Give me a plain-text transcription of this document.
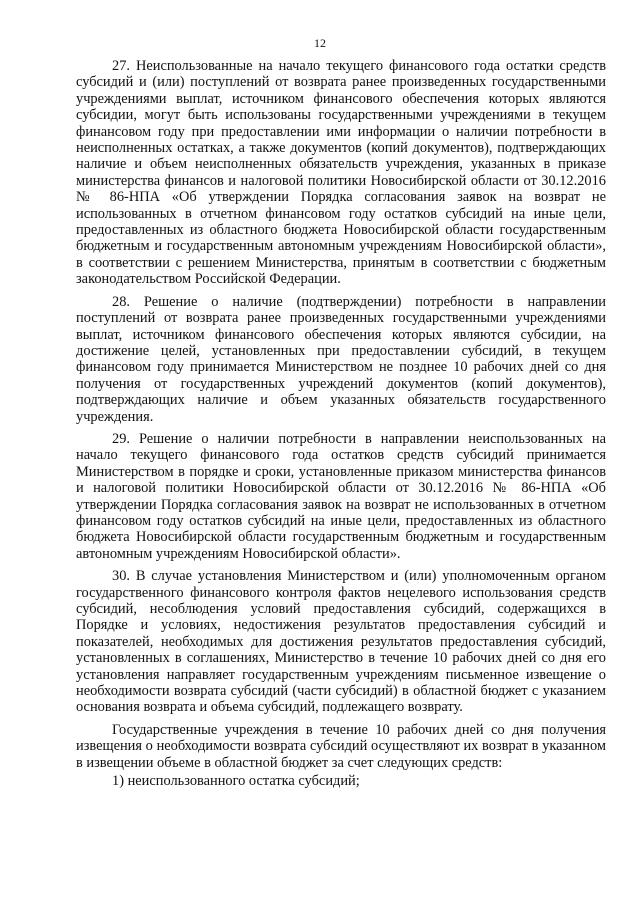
12

27. Неиспользованные на начало текущего финансового года остатки средств субсидий и (или) поступлений от возврата ранее произведенных государственными учреждениями выплат, источником финансового обеспечения которых являются субсидии, могут быть использованы государственными учреждениями в текущем финансовом году при предоставлении ими информации о наличии потребности в неисполненных остатках, а также документов (копий документов), подтверждающих наличие и объем неисполненных обязательств учреждения, указанных в приказе министерства финансов и налоговой политики Новосибирской области от 30.12.2016 № 86-НПА «Об утверждении Порядка согласования заявок на возврат не использованных в отчетном финансовом году остатков субсидий на иные цели, предоставленных из областного бюджета Новосибирской области государственным бюджетным и государственным автономным учреждениям Новосибирской области», в соответствии с решением Министерства, принятым в соответствии с бюджетным законодательством Российской Федерации.

28. Решение о наличие (подтверждении) потребности в направлении поступлений от возврата ранее произведенных государственными учреждениями выплат, источником финансового обеспечения которых являются субсидии, на достижение целей, установленных при предоставлении субсидий, в текущем финансовом году принимается Министерством не позднее 10 рабочих дней со дня получения от государственных учреждений документов (копий документов), подтверждающих наличие и объем указанных обязательств государственного учреждения.

29. Решение о наличии потребности в направлении неиспользованных на начало текущего финансового года остатков средств субсидий принимается Министерством в порядке и сроки, установленные приказом министерства финансов и налоговой политики Новосибирской области от 30.12.2016 № 86-НПА «Об утверждении Порядка согласования заявок на возврат не использованных в отчетном финансовом году остатков субсидий на иные цели, предоставленных из областного бюджета Новосибирской области государственным бюджетным и государственным автономным учреждениям Новосибирской области».

30. В случае установления Министерством и (или) уполномоченным органом государственного финансового контроля фактов нецелевого использования средств субсидий, несоблюдения условий предоставления субсидий, содержащихся в Порядке и условиях, недостижения результатов предоставления субсидий и показателей, необходимых для достижения результатов предоставления субсидий, установленных в соглашениях, Министерство в течение 10 рабочих дней со дня его установления направляет государственным учреждениям письменное извещение о необходимости возврата субсидий (части субсидий) в областной бюджет с указанием основания возврата и объема субсидий, подлежащего возврату.

Государственные учреждения в течение 10 рабочих дней со дня получения извещения о необходимости возврата субсидий осуществляют их возврат в указанном в извещении объеме в областной бюджет за счет следующих средств:

1) неиспользованного остатка субсидий;
